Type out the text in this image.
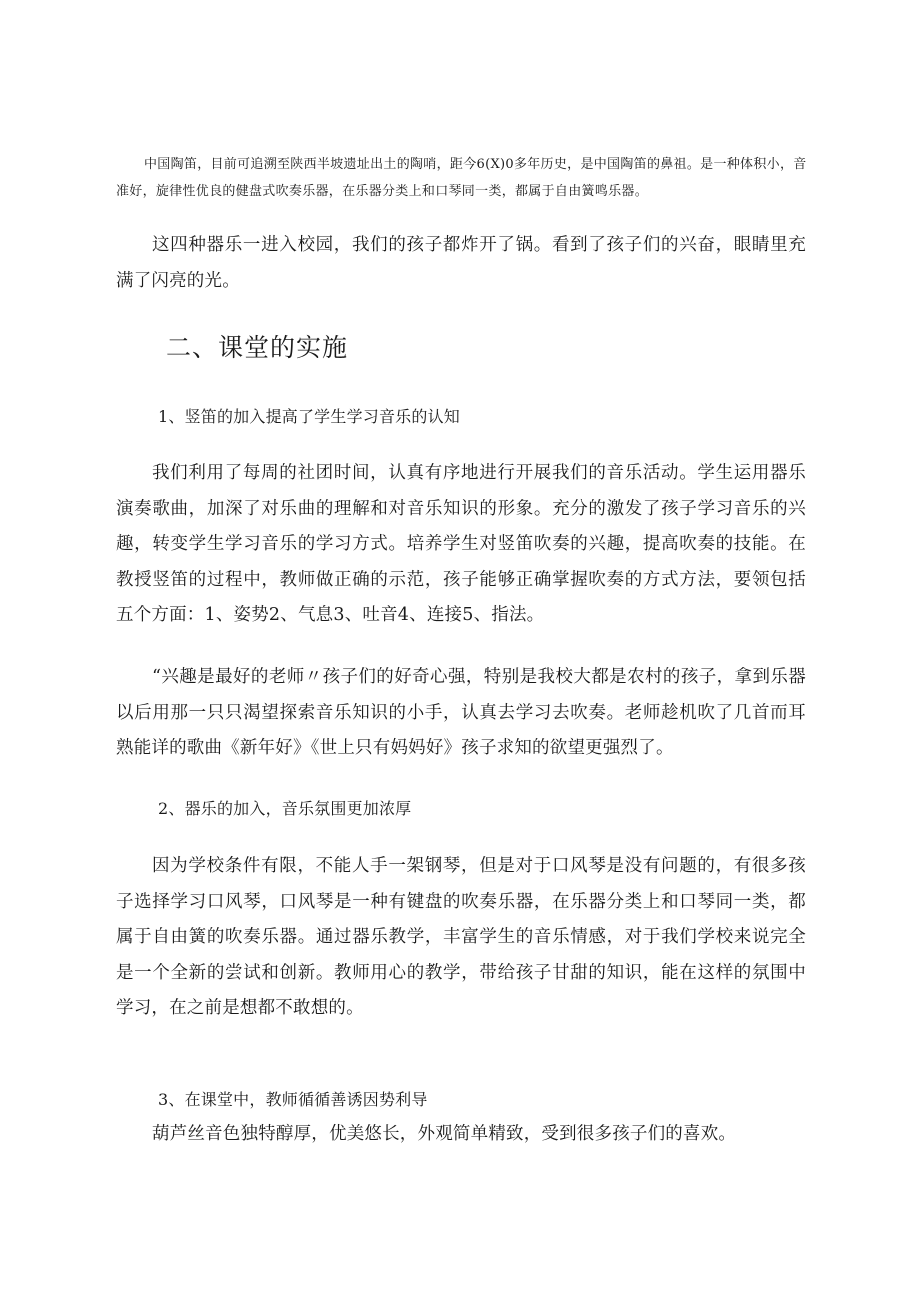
中国陶笛，目前可追溯至陕西半坡遗址出土的陶哨，距今6(X)0多年历史，是中国陶笛的鼻祖。是一种体积小，音准好，旋律性优良的健盘式吹奏乐器，在乐器分类上和口琴同一类，都属于自由簧鸣乐器。
这四种器乐一进入校园，我们的孩子都炸开了锅。看到了孩子们的兴奋，眼睛里充满了闪亮的光。
二、课堂的实施
1、竖笛的加入提高了学生学习音乐的认知
我们利用了每周的社团时间，认真有序地进行开展我们的音乐活动。学生运用器乐演奏歌曲，加深了对乐曲的理解和对音乐知识的形象。充分的激发了孩子学习音乐的兴趣，转变学生学习音乐的学习方式。培养学生对竖笛吹奏的兴趣，提高吹奏的技能。在教授竖笛的过程中，教师做正确的示范，孩子能够正确掌握吹奏的方式方法，要领包括五个方面：1、姿势2、气息3、吐音4、连接5、指法。
“兴趣是最好的老师〃孩子们的好奇心强，特别是我校大都是农村的孩子，拿到乐器以后用那一只只渴望探索音乐知识的小手，认真去学习去吹奏。老师趁机吹了几首而耳熟能详的歌曲《新年好》《世上只有妈妈好》孩子求知的欲望更强烈了。
2、器乐的加入，音乐氛围更加浓厚
因为学校条件有限，不能人手一架钢琴，但是对于口风琴是没有问题的，有很多孩子选择学习口风琴，口风琴是一种有键盘的吹奏乐器，在乐器分类上和口琴同一类，都属于自由簧的吹奏乐器。通过器乐教学，丰富学生的音乐情感，对于我们学校来说完全是一个全新的尝试和创新。教师用心的教学，带给孩子甘甜的知识，能在这样的氛围中学习，在之前是想都不敢想的。
3、在课堂中，教师循循善诱因势利导
葫芦丝音色独特醇厚，优美悠长，外观简单精致，受到很多孩子们的喜欢。
